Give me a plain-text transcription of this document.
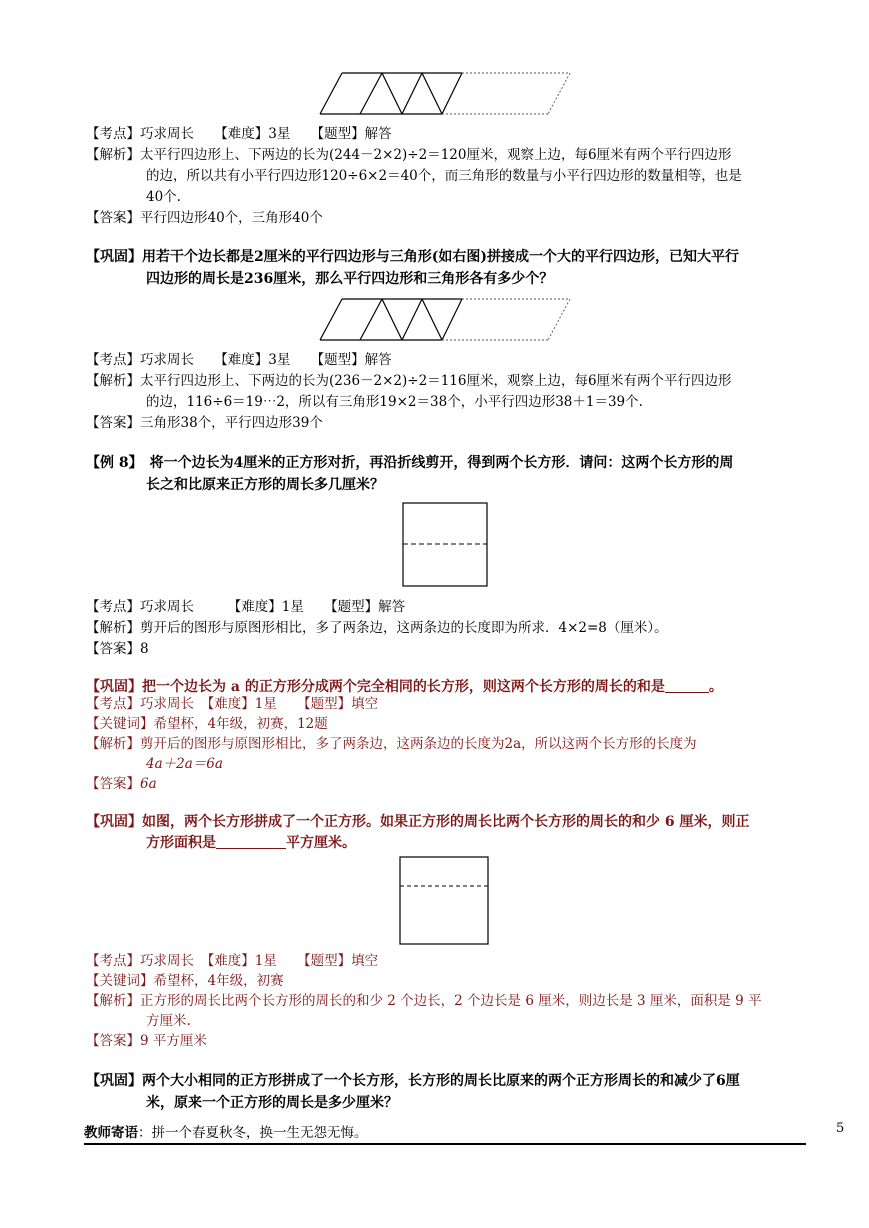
【考点】巧求周长　　【难度】3星　　【题型】解答
【解析】太平行四边形上、下两边的长为(244－2×2)÷2＝120厘米，观察上边，每6厘米有两个平行四边形
的边，所以共有小平行四边形120÷6×2＝40个，而三角形的数量与小平行四边形的数量相等，也是
40个.
【答案】平行四边形40个，三角形40个
【巩固】用若干个边长都是2厘米的平行四边形与三角形(如右图)拼接成一个大的平行四边形，已知大平行
四边形的周长是236厘米，那么平行四边形和三角形各有多少个？
【考点】巧求周长　　【难度】3星　　【题型】解答
【解析】太平行四边形上、下两边的长为(236－2×2)÷2＝116厘米，观察上边，每6厘米有两个平行四边形
的边，116÷6＝19⋯2，所以有三角形19×2＝38个，小平行四边形38＋1＝39个.
【答案】三角形38个，平行四边形39个
【例 8】　将一个边长为4厘米的正方形对折，再沿折线剪开，得到两个长方形．请问：这两个长方形的周
长之和比原来正方形的周长多几厘米？
【考点】巧求周长　　　【难度】1星　　【题型】解答
【解析】剪开后的图形与原图形相比，多了两条边，这两条边的长度即为所求．4×2=8（厘米）。
【答案】8
【巩固】把一个边长为 a 的正方形分成两个完全相同的长方形，则这两个长方形的周长的和是	。
【考点】巧求周长　【难度】1星　　【题型】填空
【关键词】希望杯，4年级，初赛，12题
【解析】剪开后的图形与原图形相比，多了两条边，这两条边的长度为2a，所以这两个长方形的长度为
4a＋2a＝6a
【答案】6a
【巩固】如图，两个长方形拼成了一个正方形。如果正方形的周长比两个长方形的周长的和少 6 厘米，则正
方形面积是	平方厘米。
【考点】巧求周长　【难度】1星　　【题型】填空
【关键词】希望杯，4年级，初赛
【解析】正方形的周长比两个长方形的周长的和少 2 个边长，2 个边长是 6 厘米，则边长是 3 厘米，面积是 9 平
方厘米.
【答案】9 平方厘米
【巩固】两个大小相同的正方形拼成了一个长方形，长方形的周长比原来的两个正方形周长的和减少了6厘
米，原来一个正方形的周长是多少厘米？
教师寄语：拼一个春夏秋冬，换一生无怨无悔。	5
